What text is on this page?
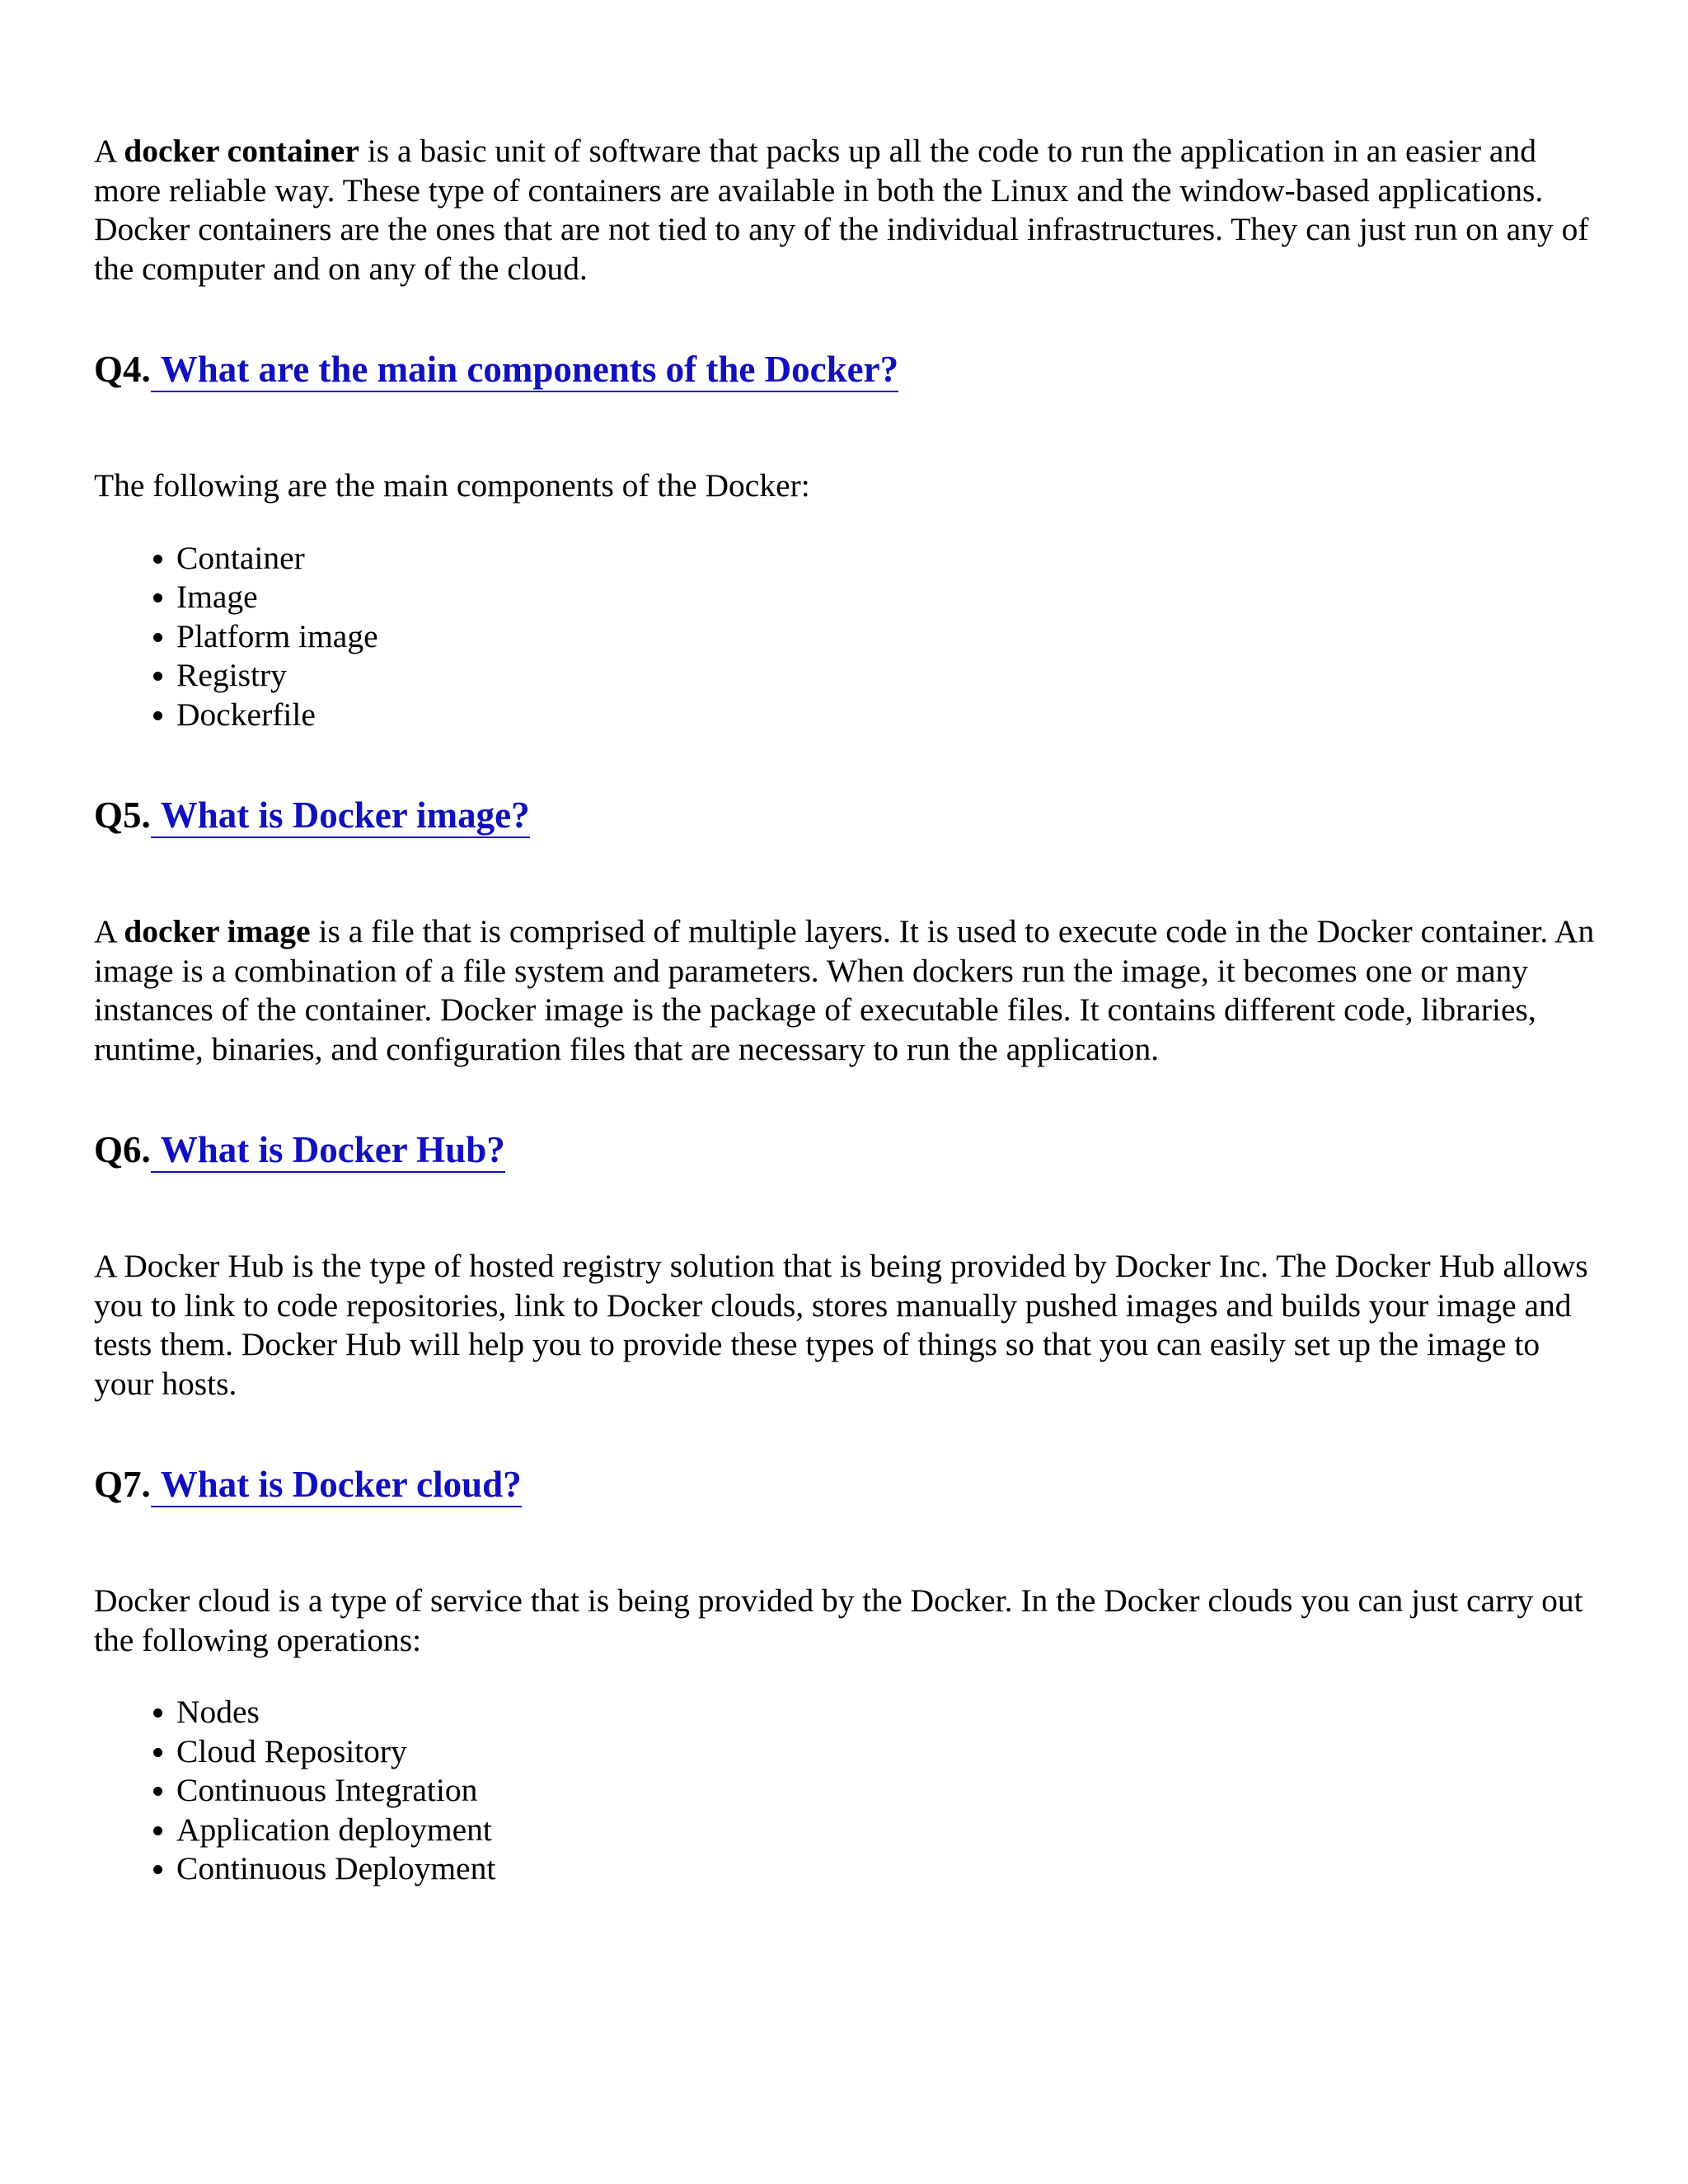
A docker container is a basic unit of software that packs up all the code to run the application in an easier and more reliable way. These type of containers are available in both the Linux and the window-based applications. Docker containers are the ones that are not tied to any of the individual infrastructures. They can just run on any of the computer and on any of the cloud.

Q4. What are the main components of the Docker?

The following are the main components of the Docker:

Container
Image
Platform image
Registry
Dockerfile
Q5. What is Docker image?

A docker image is a file that is comprised of multiple layers. It is used to execute code in the Docker container. An image is a combination of a file system and parameters. When dockers run the image, it becomes one or many instances of the container. Docker image is the package of executable files. It contains different code, libraries, runtime, binaries, and configuration files that are necessary to run the application.

Q6. What is Docker Hub?

A Docker Hub is the type of hosted registry solution that is being provided by Docker Inc. The Docker Hub allows you to link to code repositories, link to Docker clouds, stores manually pushed images and builds your image and tests them. Docker Hub will help you to provide these types of things so that you can easily set up the image to your hosts.

Q7. What is Docker cloud?

Docker cloud is a type of service that is being provided by the Docker. In the Docker clouds you can just carry out the following operations:

Nodes
Cloud Repository
Continuous Integration
Application deployment
Continuous Deployment
